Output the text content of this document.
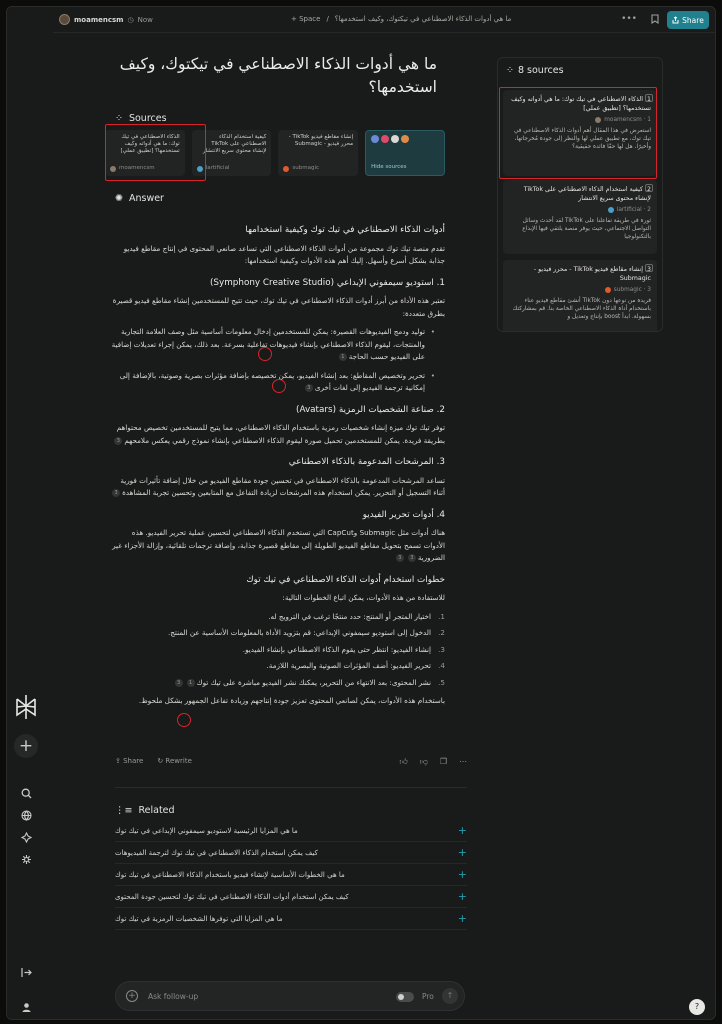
+
moamencsm ◷ Now	+ Space / ما هي أدوات الذكاء الاصطناعي في تيكتوك، وكيف استخدمها؟	•••	Share
ما هي أدوات الذكاء الاصطناعي في تيكتوك، وكيف استخدمها؟
⁘ Sources
الذكاء الاصطناعي في تيك توك: ما هي أدواته وكيف تستخدمها؟ [تطبيق عملي]
moamencsm
كيفية استخدام الذكاء الاصطناعي على TikTok لإنشاء محتوى سريع الانتشار
lartificial
إنشاء مقاطع فيديو TikTok - محرر فيديو - Submagic
submagic	Hide sources
✺ Answer
أدوات الذكاء الاصطناعي في تيك توك وكيفية استخدامها

تقدم منصة تيك توك مجموعة من أدوات الذكاء الاصطناعي التي تساعد صانعي المحتوى في إنتاج مقاطع فيديو جذابة بشكل أسرع وأسهل. إليك أهم هذه الأدوات وكيفية استخدامها:

1. استوديو سيمفوني الإبداعي (Symphony Creative Studio)

تعتبر هذه الأداة من أبرز أدوات الذكاء الاصطناعي في تيك توك، حيث تتيح للمستخدمين إنشاء مقاطع فيديو قصيرة بطرق متعددة:

• توليد ودمج الفيديوهات القصيرة: يمكن للمستخدمين إدخال معلومات أساسية مثل وصف العلامة التجارية والمنتجات، ليقوم الذكاء الاصطناعي بإنشاء فيديوهات تفاعلية بسرعة. بعد ذلك، يمكن إجراء تعديلات إضافية على الفيديو حسب الحاجة1
• تحرير وتخصيص المقاطع: بعد إنشاء الفيديو، يمكن تخصيصه بإضافة مؤثرات بصرية وصوتية، بالإضافة إلى إمكانية ترجمة الفيديو إلى لغات أخرى3
2. صناعة الشخصيات الرمزية (Avatars)

توفر تيك توك ميزة إنشاء شخصيات رمزية باستخدام الذكاء الاصطناعي، مما يتيح للمستخدمين تخصيص محتواهم بطريقة فريدة. يمكن للمستخدمين تحميل صورة ليقوم الذكاء الاصطناعي بإنشاء نموذج رقمي يعكس ملامحهم3

3. المرشحات المدعومة بالذكاء الاصطناعي

تساعد المرشحات المدعومة بالذكاء الاصطناعي في تحسين جودة مقاطع الفيديو من خلال إضافة تأثيرات فورية أثناء التسجيل أو التحرير. يمكن استخدام هذه المرشحات لزيادة التفاعل مع المتابعين وتحسين تجربة المشاهدة3

4. أدوات تحرير الفيديو

هناك أدوات مثل Submagic وCapCut التي تستخدم الذكاء الاصطناعي لتحسين عملية تحرير الفيديو. هذه الأدوات تسمح بتحويل مقاطع الفيديو الطويلة إلى مقاطع قصيرة جذابة، وإضافة ترجمات تلقائية، وإزالة الأجزاء غير الضرورية33

خطوات استخدام أدوات الذكاء الاصطناعي في تيك توك

للاستفادة من هذه الأدوات، يمكن اتباع الخطوات التالية:

1.
اختيار المتجر أو المنتج: حدد منتجًا ترغب في الترويج له.
2.
الدخول إلى استوديو سيمفوني الإبداعي: قم بتزويد الأداة بالمعلومات الأساسية عن المنتج.
3.
إنشاء الفيديو: انتظر حتى يقوم الذكاء الاصطناعي بإنشاء الفيديو.
4.
تحرير الفيديو: أضف المؤثرات الصوتية والبصرية اللازمة.
5.
نشر المحتوى: بعد الانتهاء من التحرير، يمكنك نشر الفيديو مباشرة على تيك توك13

باستخدام هذه الأدوات، يمكن لصانعي المحتوى تعزيز جودة إنتاجهم وزيادة تفاعل الجمهور بشكل ملحوظ.

⇪ Share ↻ Rewrite	👍︎ 👎︎ ❐ ⋯
⋮≡ Related
ما هي المزايا الرئيسية لاستوديو سيمفوني الإبداعي في تيك توك	+
كيف يمكن استخدام الذكاء الاصطناعي في تيك توك لترجمة الفيديوهات	+
ما هي الخطوات الأساسية لإنشاء فيديو باستخدام الذكاء الاصطناعي في تيك توك	+
كيف يمكن استخدام أدوات الذكاء الاصطناعي في تيك توك لتحسين جودة المحتوى	+
ما هي المزايا التي توفرها الشخصيات الرمزية في تيك توك	+
+ Ask follow-up	Pro	↑
⁘ 8 sources
1. الذكاء الاصطناعي في تيك توك: ما هي أدواته وكيف تستخدمها؟ [تطبيق عملي]
moamencsm · 1
استعرض في هذا المقال أهم أدوات الذكاء الاصطناعي في تيك توك، مع تطبيق عملي لها والنظر إلى جودة مُخرجاتها، وأخيرًا، هل لها حقًا فائدة حقيقية؟
2. كيفية استخدام الذكاء الاصطناعي على TikTok لإنشاء محتوى سريع الانتشار
lartificial · 2
ثورة في طريقة تفاعلنا على TikTok لقد أحدث وسائل التواصل الاجتماعي، حيث يوفر منصة يلتقي فيها الإبداع بالتكنولوجيا
3. إنشاء مقاطع فيديو TikTok - محرر فيديو - Submagic
submagic · 3
فريدة من نوعها دون TikTok أنشئ مقاطع فيديو عناء باستخدام أداة الذكاء الاصطناعي الخاصة بنا. قم بمشاركتك بسهولة. ابدأ boost بإنتاج وتعديل و
?
